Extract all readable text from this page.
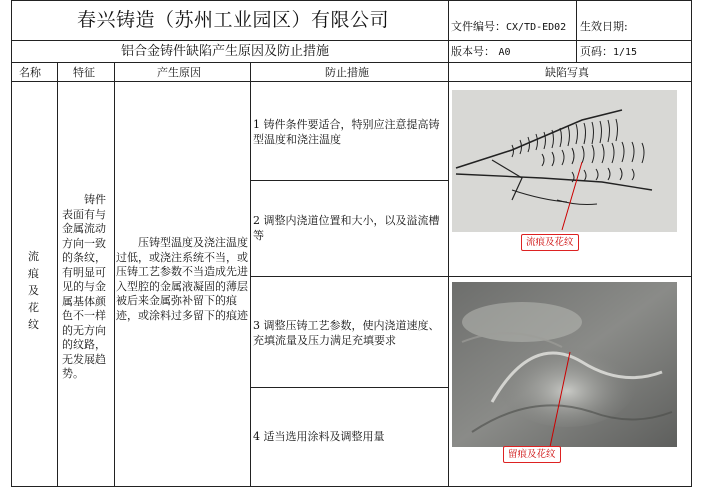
春兴铸造（苏州工业园区）有限公司	文件编号：CX/TD-ED02 生效日期:
铝合金铸件缺陷产生原因及防止措施	版本号： A0	页码：1/15
名称	特征	产生原因	防止措施	缺陷写真
流痕及花纹
铸件表面有与金属流动方向一致的条纹，有明显可见的与金属基体颜色不一样的无方向的纹路，无发展趋势。
压铸型温度及浇注温度过低，或浇注系统不当，或压铸工艺参数不当造成先进入型腔的金属液凝固的薄层被后来金属弥补留下的痕迹，或涂料过多留下的痕迹
1 铸件条件要适合，特别应注意提高铸型温度和浇注温度
2 调整内浇道位置和大小，以及溢流槽等
3 调整压铸工艺参数，使内浇道速度、充填流量及压力满足充填要求
4 适当选用涂料及调整用量
流痕及花纹
留痕及花纹
